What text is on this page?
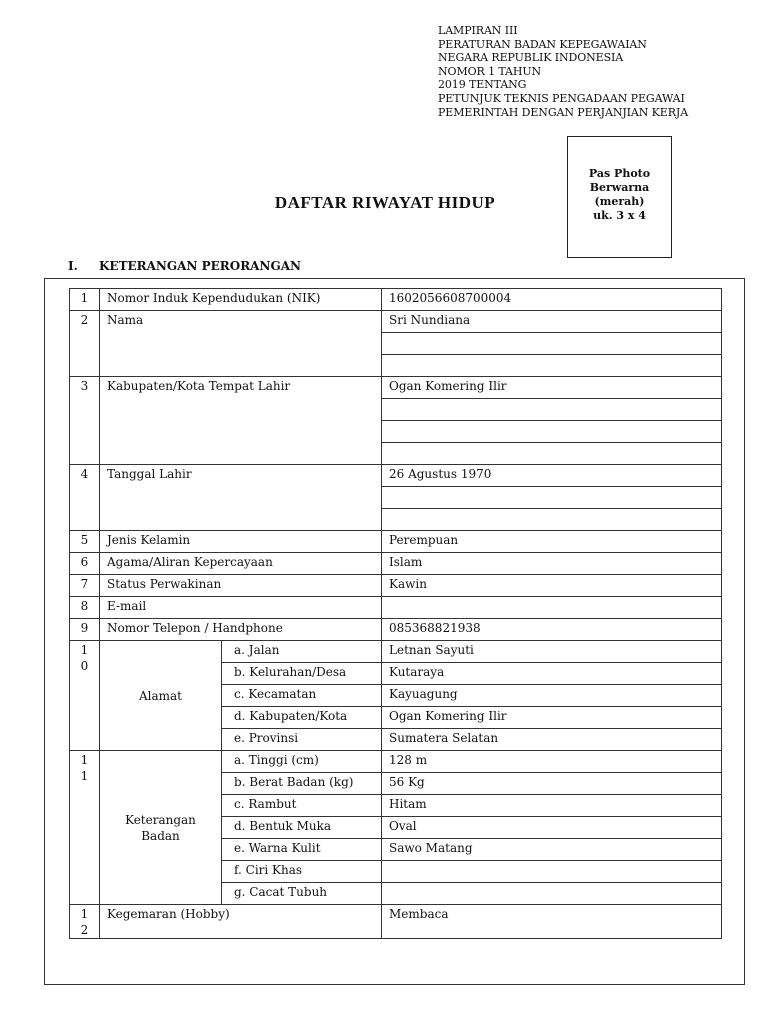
LAMPIRAN III
PERATURAN BADAN KEPEGAWAIAN
NEGARA REPUBLIK INDONESIA
NOMOR 1 TAHUN
2019 TENTANG
PETUNJUK TEKNIS PENGADAAN PEGAWAI
PEMERINTAH DENGAN PERJANJIAN KERJA
Pas Photo
Berwarna
(merah)
uk. 3 x 4
DAFTAR RIWAYAT HIDUP
I. KETERANGAN PERORANGAN
1	Nomor Induk Kependudukan (NIK)		1602056608700004
2	Nama		Sri Nundiana

3	Kabupaten/Kota Tempat Lahir		Ogan Komering Ilir

4	Tanggal Lahir		26 Agustus 1970

5	Jenis Kelamin		Perempuan
6	Agama/Aliran Kepercayaan		Islam
7	Status Perwakinan		Kawin
8	E-mail		
9	Nomor Telepon / Handphone		085368821938
1
0	Alamat	a. Jalan	Letnan Sayuti
		b. Kelurahan/Desa	Kutaraya
		c. Kecamatan	Kayuagung
		d. Kabupaten/Kota	Ogan Komering Ilir
		e. Provinsi	Sumatera Selatan
1
1	Keterangan
Badan	a. Tinggi (cm)	128 m
		b. Berat Badan (kg)	56 Kg
		c. Rambut	Hitam
		d. Bentuk Muka	Oval
		e. Warna Kulit	Sawo Matang
		f. Ciri Khas	
		g. Cacat Tubuh	
1
2	Kegemaran (Hobby)		Membaca
